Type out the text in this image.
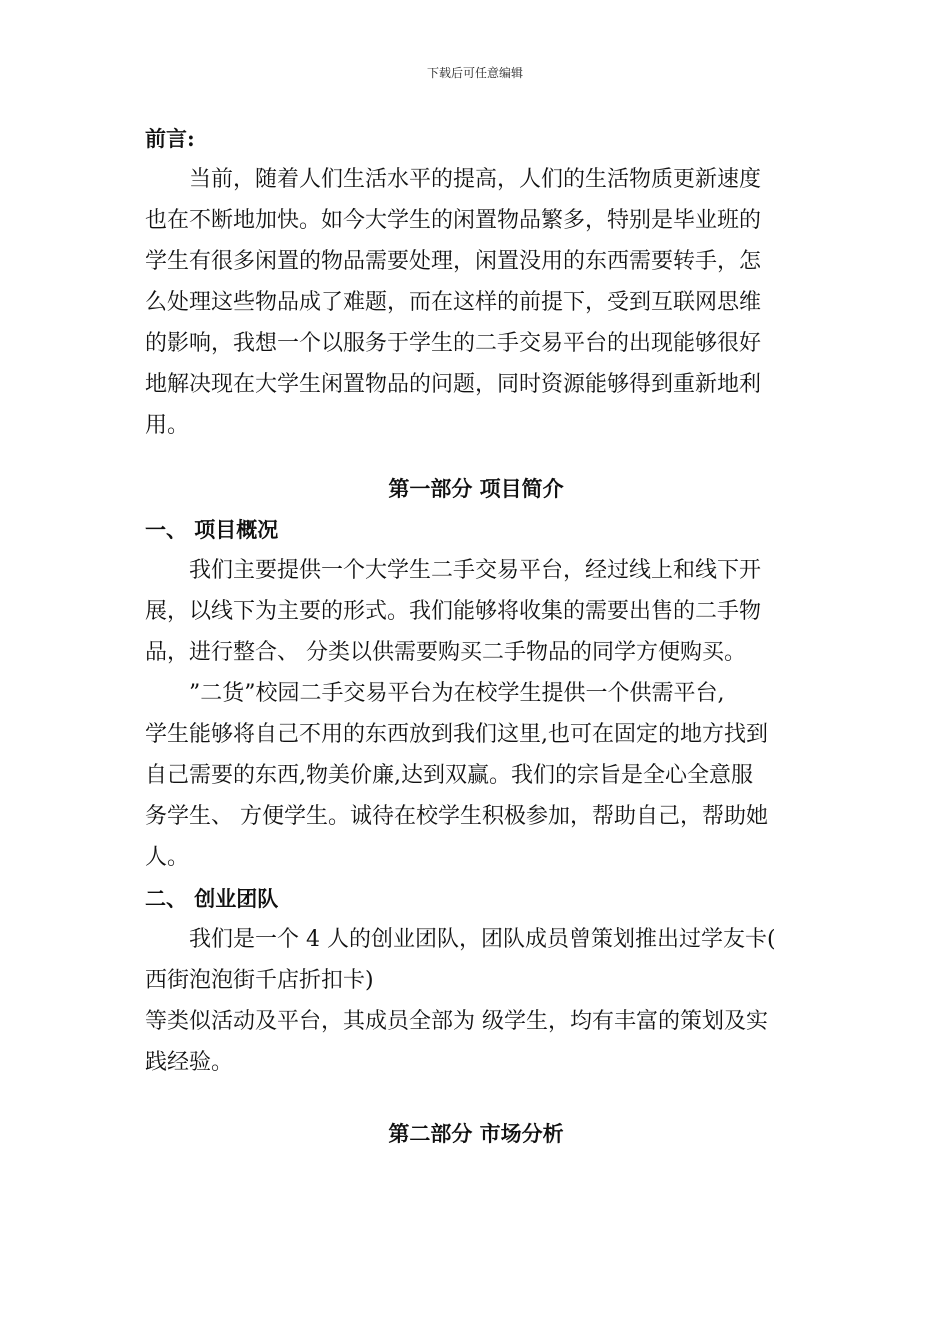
下载后可任意编辑
前言:
当前，随着人们生活水平的提高，人们的生活物质更新速度
也在不断地加快。如今大学生的闲置物品繁多，特别是毕业班的
学生有很多闲置的物品需要处理，闲置没用的东西需要转手，怎
么处理这些物品成了难题，而在这样的前提下，受到互联网思维
的影响，我想一个以服务于学生的二手交易平台的出现能够很好
地解决现在大学生闲置物品的问题，同时资源能够得到重新地利
用。
第一部分 项目简介
一、 项目概况
我们主要提供一个大学生二手交易平台，经过线上和线下开
展，以线下为主要的形式。我们能够将收集的需要出售的二手物
品，进行整合、 分类以供需要购买二手物品的同学方便购买。
”二货”校园二手交易平台为在校学生提供一个供需平台,
学生能够将自己不用的东西放到我们这里,也可在固定的地方找到
自己需要的东西,物美价廉,达到双赢。我们的宗旨是全心全意服
务学生、 方便学生。诚待在校学生积极参加，帮助自己，帮助她
人。
二、 创业团队
我们是一个 4 人的创业团队，团队成员曾策划推出过学友卡(
西街泡泡街千店折扣卡)
等类似活动及平台，其成员全部为 级学生，均有丰富的策划及实
践经验。
第二部分 市场分析
